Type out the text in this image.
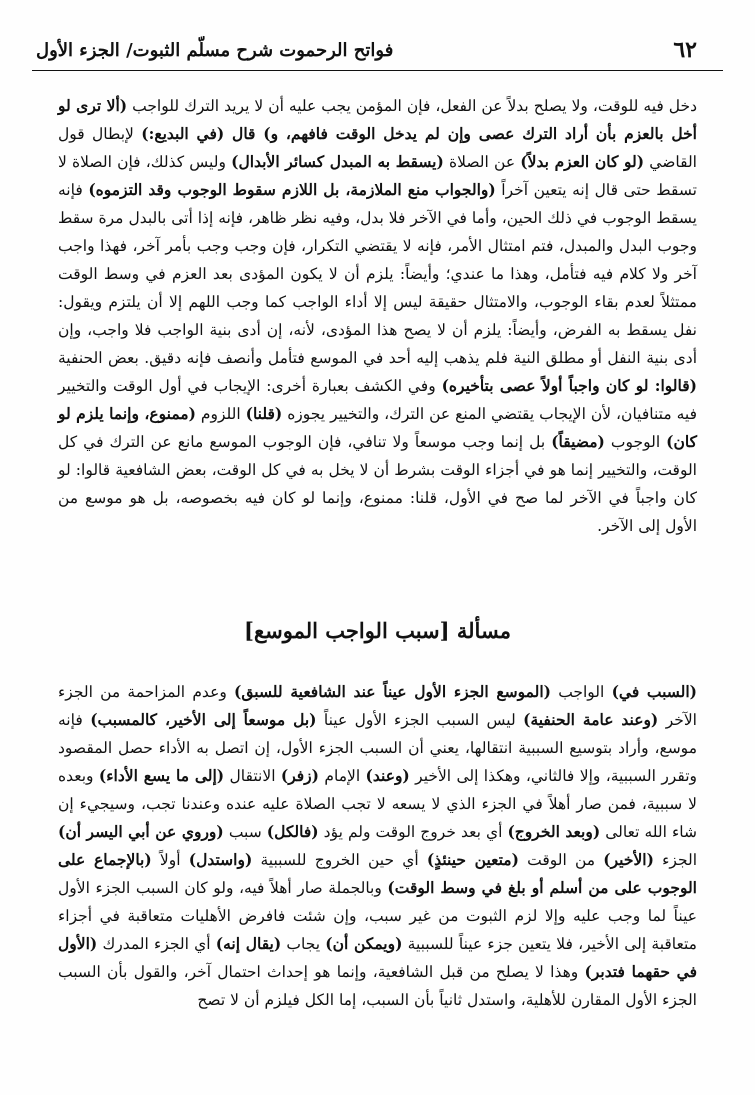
٦٢
فواتح الرحموت شرح مسلّم الثبوت/ الجزء الأول
دخل فيه للوقت، ولا يصلح بدلاً عن الفعل، فإن المؤمن يجب عليه أن لا يريد الترك للواجب (ألا ترى لو أخل بالعزم بأن أراد الترك عصى وإن لم يدخل الوقت فافهم، و) قال (في البديع:) لإبطال قول القاضي (لو كان العزم بدلاً) عن الصلاة (يسقط به المبدل كسائر الأبدال) وليس كذلك، فإن الصلاة لا تسقط حتى قال إنه يتعين آخراً (والجواب منع الملازمة، بل اللازم سقوط الوجوب وقد التزموه) فإنه يسقط الوجوب في ذلك الحين، وأما في الآخر فلا بدل، وفيه نظر ظاهر، فإنه إذا أتى بالبدل مرة سقط وجوب البدل والمبدل، فتم امتثال الأمر، فإنه لا يقتضي التكرار، فإن وجب وجب بأمر آخر، فهذا واجب آخر ولا كلام فيه فتأمل، وهذا ما عندي؛ وأيضاً: يلزم أن لا يكون المؤدى بعد العزم في وسط الوقت ممتثلاً لعدم بقاء الوجوب، والامتثال حقيقة ليس إلا أداء الواجب كما وجب اللهم إلا أن يلتزم ويقول: نفل يسقط به الفرض، وأيضاً: يلزم أن لا يصح هذا المؤدى، لأنه، إن أدى بنية الواجب فلا واجب، وإن أدى بنية النفل أو مطلق النية فلم يذهب إليه أحد في الموسع فتأمل وأنصف فإنه دقيق. بعض الحنفية (قالوا: لو كان واجباً أولاً عصى بتأخيره) وفي الكشف بعبارة أخرى: الإيجاب في أول الوقت والتخيير فيه متنافيان، لأن الإيجاب يقتضي المنع عن الترك، والتخيير يجوزه (قلنا) اللزوم (ممنوع، وإنما يلزم لو كان) الوجوب (مضيقاً) بل إنما وجب موسعاً ولا تنافي، فإن الوجوب الموسع مانع عن الترك في كل الوقت، والتخيير إنما هو في أجزاء الوقت بشرط أن لا يخل به في كل الوقت، بعض الشافعية قالوا: لو كان واجباً في الآخر لما صح في الأول، قلنا: ممنوع، وإنما لو كان فيه بخصوصه، بل هو موسع من الأول إلى الآخر.
مسألة [سبب الواجب الموسع]
(السبب في) الواجب (الموسع الجزء الأول عيناً عند الشافعية للسبق) وعدم المزاحمة من الجزء الآخر (وعند عامة الحنفية) ليس السبب الجزء الأول عيناً (بل موسعاً إلى الأخير، كالمسبب) فإنه موسع، وأراد بتوسيع السببية انتقالها، يعني أن السبب الجزء الأول، إن اتصل به الأداء حصل المقصود وتقرر السببية، وإلا فالثاني، وهكذا إلى الأخير (وعند) الإمام (زفر) الانتقال (إلى ما يسع الأداء) وبعده لا سببية، فمن صار أهلاً في الجزء الذي لا يسعه لا تجب الصلاة عليه عنده وعندنا تجب، وسيجيء إن شاء الله تعالى (وبعد الخروج) أي بعد خروج الوقت ولم يؤد (فالكل) سبب (وروي عن أبي اليسر أن) الجزء (الأخير) من الوقت (متعين حينئذٍ) أي حين الخروج للسببية (واستدل) أولاً (بالإجماع على الوجوب على من أسلم أو بلغ في وسط الوقت) وبالجملة صار أهلاً فيه، ولو كان السبب الجزء الأول عيناً لما وجب عليه وإلا لزم الثبوت من غير سبب، وإن شئت فافرض الأهليات متعاقبة في أجزاء متعاقبة إلى الأخير، فلا يتعين جزء عيناً للسببية (ويمكن أن) يجاب (يقال إنه) أي الجزء المدرك (الأول في حقهما فتدبر) وهذا لا يصلح من قبل الشافعية، وإنما هو إحداث احتمال آخر، والقول بأن السبب الجزء الأول المقارن للأهلية، واستدل ثانياً بأن السبب، إما الكل فيلزم أن لا تصح
